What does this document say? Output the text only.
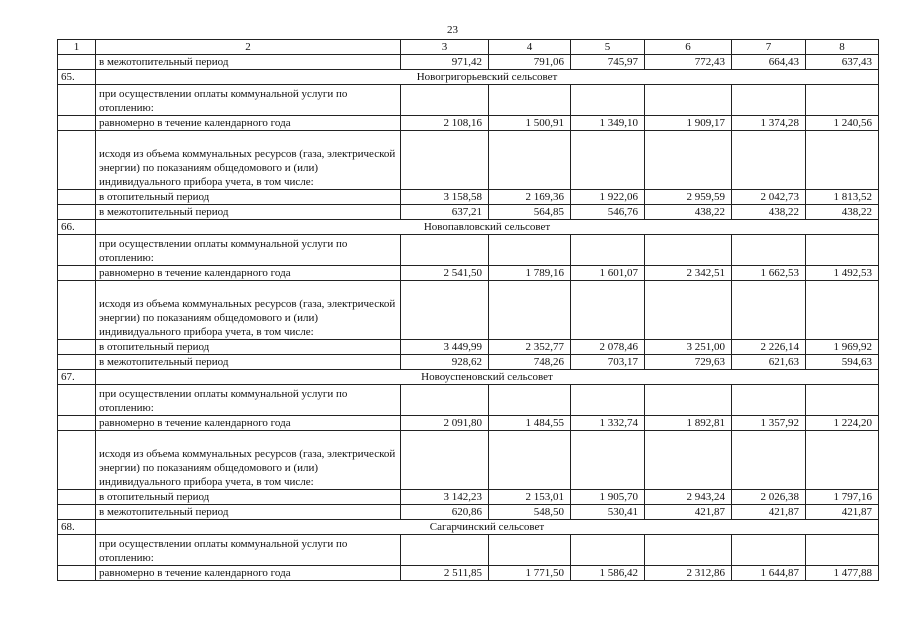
23
1	2	3	4	5	6	7	8
	в межотопительный период	971,42	791,06	745,97	772,43	664,43	637,43
65.	Новогригорьевский сельсовет						
	при осуществлении оплаты коммунальной услуги по отоплению:						
	равномерно в течение календарного года	2 108,16	1 500,91	1 349,10	1 909,17	1 374,28	1 240,56
	исходя из объема коммунальных ресурсов (газа, электрической энергии) по показаниям общедомового и (или) индивидуального прибора учета, в том числе:						
	в отопительный период	3 158,58	2 169,36	1 922,06	2 959,59	2 042,73	1 813,52
	в межотопительный период	637,21	564,85	546,76	438,22	438,22	438,22
66.	Новопавловский сельсовет						
	при осуществлении оплаты коммунальной услуги по отоплению:						
	равномерно в течение календарного года	2 541,50	1 789,16	1 601,07	2 342,51	1 662,53	1 492,53
	исходя из объема коммунальных ресурсов (газа, электрической энергии) по показаниям общедомового и (или) индивидуального прибора учета, в том числе:						
	в отопительный период	3 449,99	2 352,77	2 078,46	3 251,00	2 226,14	1 969,92
	в межотопительный период	928,62	748,26	703,17	729,63	621,63	594,63
67.	Новоуспеновский сельсовет						
	при осуществлении оплаты коммунальной услуги по отоплению:						
	равномерно в течение календарного года	2 091,80	1 484,55	1 332,74	1 892,81	1 357,92	1 224,20
	исходя из объема коммунальных ресурсов (газа, электрической энергии) по показаниям общедомового и (или) индивидуального прибора учета, в том числе:						
	в отопительный период	3 142,23	2 153,01	1 905,70	2 943,24	2 026,38	1 797,16
	в межотопительный период	620,86	548,50	530,41	421,87	421,87	421,87
68.	Сагарчинский сельсовет						
	при осуществлении оплаты коммунальной услуги по отоплению:						
	равномерно в течение календарного года	2 511,85	1 771,50	1 586,42	2 312,86	1 644,87	1 477,88
